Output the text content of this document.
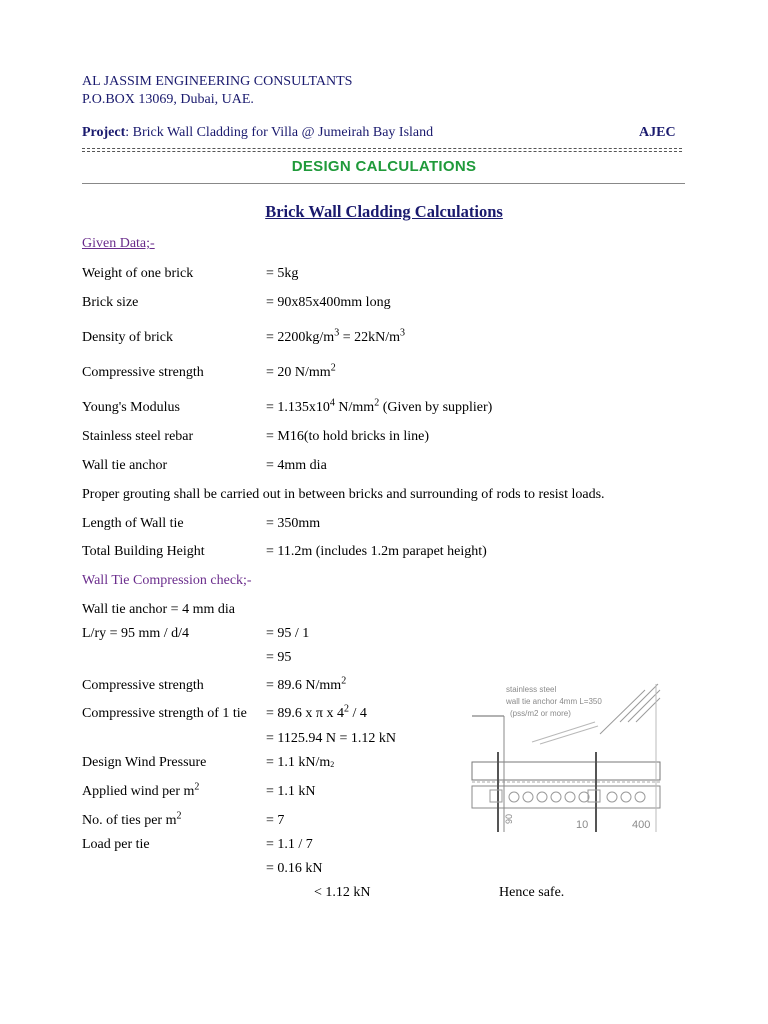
AL JASSIM ENGINEERING CONSULTANTS
P.O.BOX 13069, Dubai, UAE.
Project: Brick Wall Cladding for Villa @ Jumeirah Bay Island	AJEC
DESIGN CALCULATIONS
Brick Wall Cladding Calculations
Given Data;-
Weight of one brick	= 5kg
Brick size	= 90x85x400mm long
Density of brick	= $2200kg/m^3 = 22kN/m^3$
Compressive strength	= 20 $N/mm^2$
Young's Modulus	= $1.135x10^4$ $N/mm^2$ (Given by supplier)
Stainless steel rebar	= M16(to hold bricks in line)
Wall tie anchor	= 4mm dia
Proper grouting shall be carried out in between bricks and surrounding of rods to resist loads.
Length of Wall tie	= 350mm
Total Building Height	= 11.2m (includes 1.2m parapet height)
Wall Tie Compression check;-
Wall tie anchor = 4 mm dia
L/ry = 95 mm / d/4	= 95 / 1
= 95
Compressive strength	= 89.6 $N/mm^2$
Compressive strength of 1 tie = 89.6 x π x $4^2 / 4$
= 1125.94 N = 1.12 kN
Design Wind Pressure	= 1.1 $kN/m_2$
Applied wind per $m^2$	= 1.1 kN
No. of ties per $m^2$	= 7
Load per tie	= 1.1 / 7
= 0.16 kN
< 1.12 kN	Hence safe.
stainless steel
wall tie anchor 4mm L=350
(pss/m2 or more)
10	400
90
